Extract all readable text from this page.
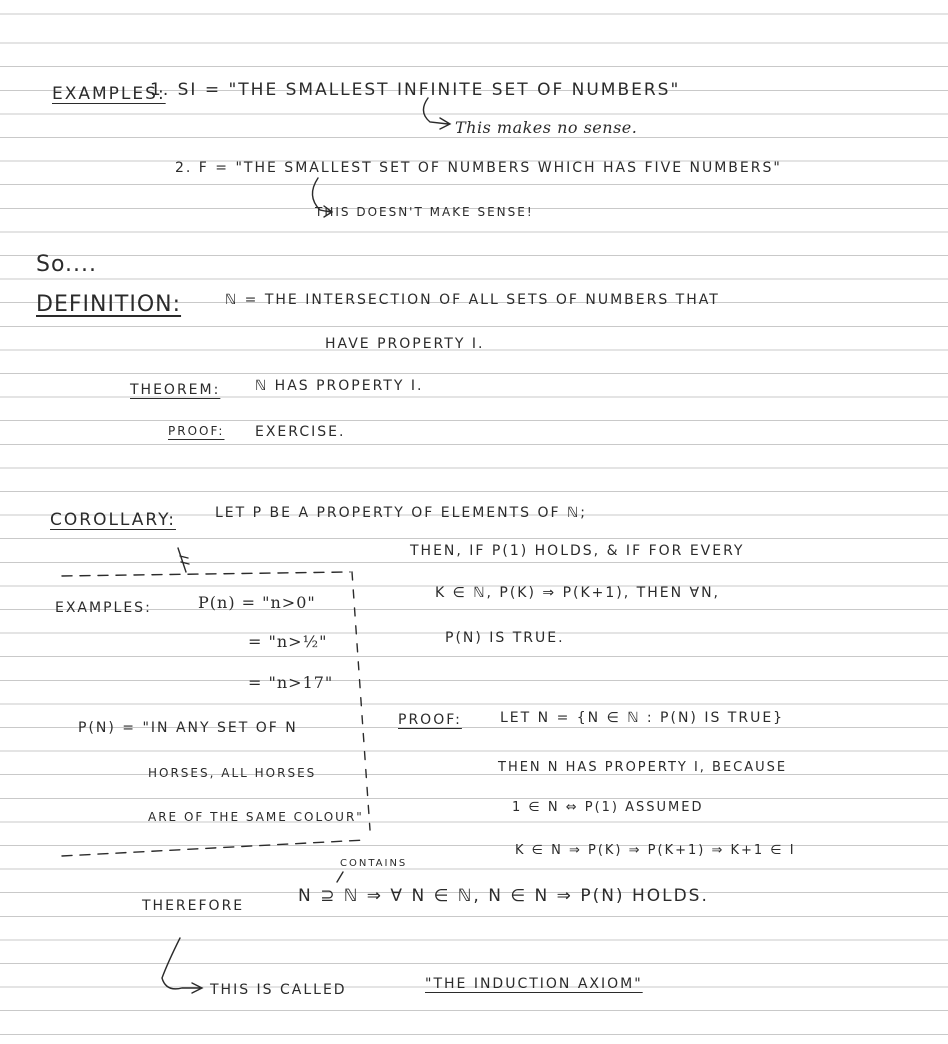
EXAMPLES:
1. SI = "THE SMALLEST INFINITE SET OF NUMBERS"
This makes no sense.
2. F = "THE SMALLEST SET OF NUMBERS WHICH HAS FIVE NUMBERS"
THIS DOESN'T MAKE SENSE!
So....
DEFINITION:	ℕ = THE INTERSECTION OF ALL SETS OF NUMBERS THAT
HAVE PROPERTY I.
THEOREM: ℕ HAS PROPERTY I.
PROOF: EXERCISE.
COROLLARY:	LET P BE A PROPERTY OF ELEMENTS OF ℕ;
THEN, IF P(1) HOLDS, & IF FOR EVERY
K ∈ ℕ, P(K) ⇒ P(K+1), THEN ∀N,
P(N) IS TRUE.
EXAMPLES:	P(n) = "n>0"
= "n>½"
= "n>17"
P(N) = "IN ANY SET OF N
HORSES, ALL HORSES
ARE OF THE SAME COLOUR"
PROOF:	LET N = {N ∈ ℕ : P(N) IS TRUE}
THEN N HAS PROPERTY I, BECAUSE
1 ∈ N ⇔ P(1) ASSUMED
K ∈ N ⇒ P(K) ⇒ P(K+1) ⇒ K+1 ∈ I
CONTAINS
THEREFORE	N ⊇ ℕ ⇒ ∀ N ∈ ℕ, N ∈ N ⇒ P(N) HOLDS.
THIS IS CALLED	"THE INDUCTION AXIOM"
